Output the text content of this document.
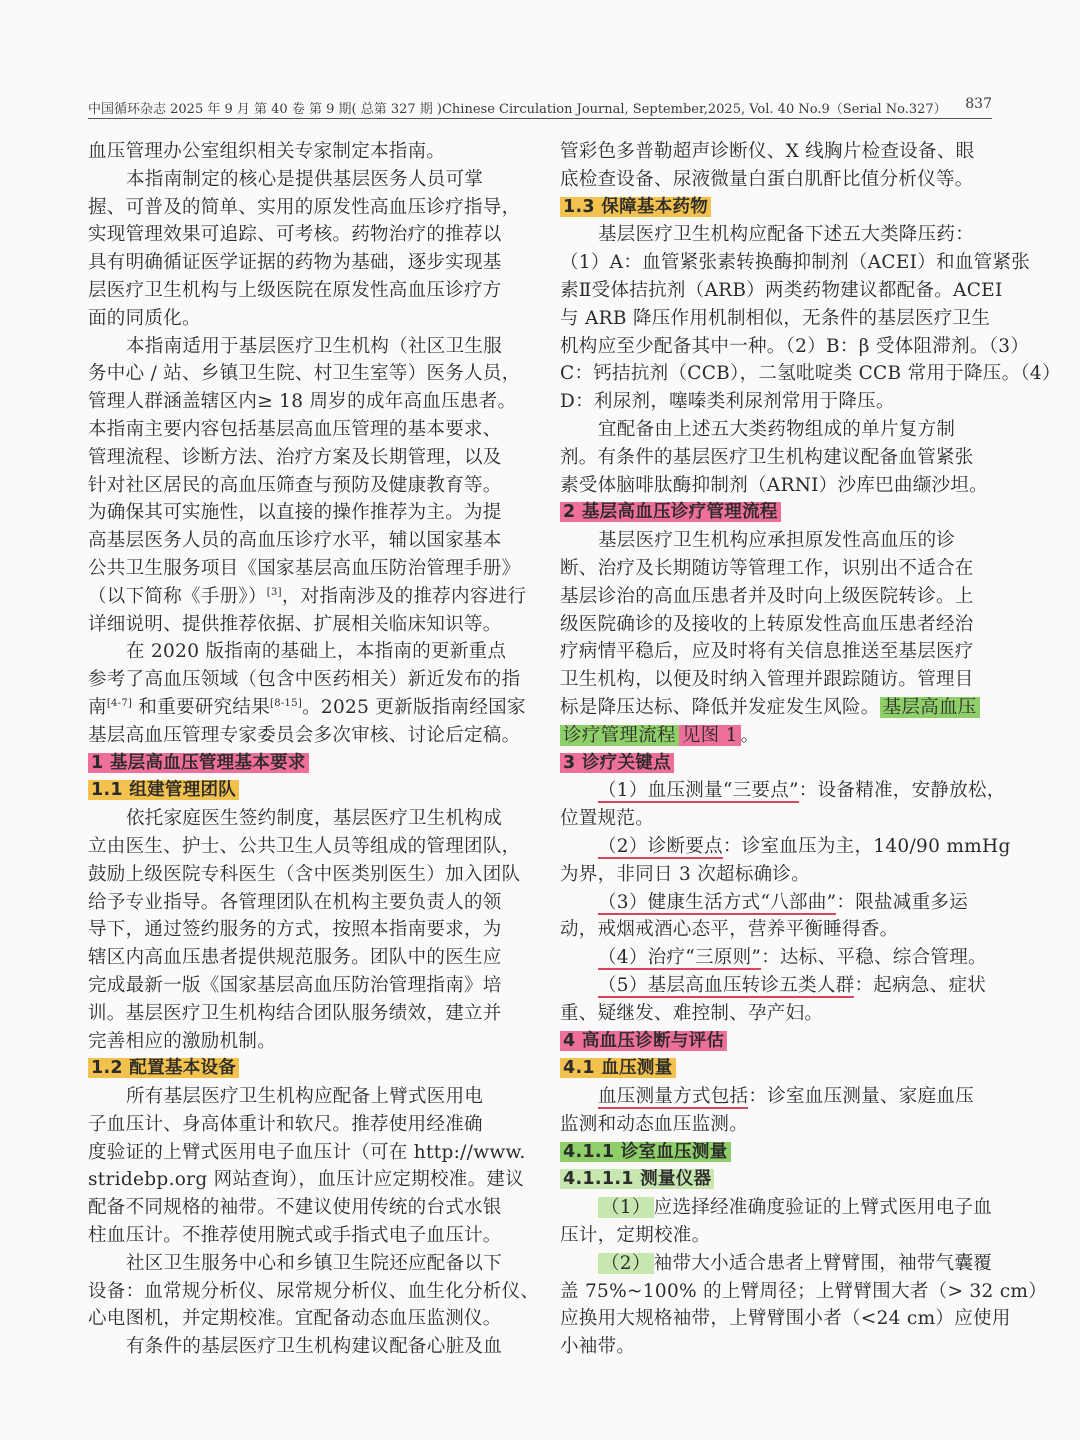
中国循环杂志 2025 年 9 月 第 40 卷 第 9 期( 总第 327 期 )Chinese Circulation Journal, September,2025, Vol. 40 No.9（Serial No.327） 837
血压管理办公室组织相关专家制定本指南。
本指南制定的核心是提供基层医务人员可掌
握、可普及的简单、实用的原发性高血压诊疗指导，
实现管理效果可追踪、可考核。药物治疗的推荐以
具有明确循证医学证据的药物为基础，逐步实现基
层医疗卫生机构与上级医院在原发性高血压诊疗方
面的同质化。
本指南适用于基层医疗卫生机构（社区卫生服
务中心 / 站、乡镇卫生院、村卫生室等）医务人员，
管理人群涵盖辖区内≥ 18 周岁的成年高血压患者。
本指南主要内容包括基层高血压管理的基本要求、
管理流程、诊断方法、治疗方案及长期管理，以及
针对社区居民的高血压筛查与预防及健康教育等。
为确保其可实施性，以直接的操作推荐为主。为提
高基层医务人员的高血压诊疗水平，辅以国家基本
公共卫生服务项目《国家基层高血压防治管理手册》
（以下简称《手册》）[3]，对指南涉及的推荐内容进行
详细说明、提供推荐依据、扩展相关临床知识等。
在 2020 版指南的基础上，本指南的更新重点
参考了高血压领域（包含中医药相关）新近发布的指
南[4-7] 和重要研究结果[8-15]。2025 更新版指南经国家
基层高血压管理专家委员会多次审核、讨论后定稿。
1 基层高血压管理基本要求
1.1 组建管理团队
依托家庭医生签约制度，基层医疗卫生机构成
立由医生、护士、公共卫生人员等组成的管理团队，
鼓励上级医院专科医生（含中医类别医生）加入团队
给予专业指导。各管理团队在机构主要负责人的领
导下，通过签约服务的方式，按照本指南要求，为
辖区内高血压患者提供规范服务。团队中的医生应
完成最新一版《国家基层高血压防治管理指南》培
训。基层医疗卫生机构结合团队服务绩效，建立并
完善相应的激励机制。
1.2 配置基本设备
所有基层医疗卫生机构应配备上臂式医用电
子血压计、身高体重计和软尺。推荐使用经准确
度验证的上臂式医用电子血压计（可在 http://www.
stridebp.org 网站查询），血压计应定期校准。建议
配备不同规格的袖带。不建议使用传统的台式水银
柱血压计。不推荐使用腕式或手指式电子血压计。
社区卫生服务中心和乡镇卫生院还应配备以下
设备：血常规分析仪、尿常规分析仪、血生化分析仪、
心电图机，并定期校准。宜配备动态血压监测仪。
有条件的基层医疗卫生机构建议配备心脏及血
管彩色多普勒超声诊断仪、X 线胸片检查设备、眼
底检查设备、尿液微量白蛋白肌酐比值分析仪等。
1.3 保障基本药物
基层医疗卫生机构应配备下述五大类降压药：
（1）A：血管紧张素转换酶抑制剂（ACEI）和血管紧张
素Ⅱ受体拮抗剂（ARB）两类药物建议都配备。ACEI
与 ARB 降压作用机制相似，无条件的基层医疗卫生
机构应至少配备其中一种。（2）B：β 受体阻滞剂。（3）
C：钙拮抗剂（CCB），二氢吡啶类 CCB 常用于降压。（4）
D：利尿剂，噻嗪类利尿剂常用于降压。
宜配备由上述五大类药物组成的单片复方制
剂。有条件的基层医疗卫生机构建议配备血管紧张
素受体脑啡肽酶抑制剂（ARNI）沙库巴曲缬沙坦。
2 基层高血压诊疗管理流程
基层医疗卫生机构应承担原发性高血压的诊
断、治疗及长期随访等管理工作，识别出不适合在
基层诊治的高血压患者并及时向上级医院转诊。上
级医院确诊的及接收的上转原发性高血压患者经治
疗病情平稳后，应及时将有关信息推送至基层医疗
卫生机构，以便及时纳入管理并跟踪随访。管理目
标是降压达标、降低并发症发生风险。 基层高血压
诊疗管理流程 见图 1 。
3 诊疗关键点
（1）血压测量“三要点”：设备精准，安静放松，
位置规范。
（2）诊断要点：诊室血压为主，140/90 mmHg
为界，非同日 3 次超标确诊。
（3）健康生活方式“八部曲”：限盐减重多运
动，戒烟戒酒心态平，营养平衡睡得香。
（4）治疗“三原则”：达标、平稳、综合管理。
（5）基层高血压转诊五类人群：起病急、症状
重、疑继发、难控制、孕产妇。
4 高血压诊断与评估
4.1 血压测量
血压测量方式包括：诊室血压测量、家庭血压
监测和动态血压监测。
4.1.1 诊室血压测量
4.1.1.1 测量仪器
（1） 应选择经准确度验证的上臂式医用电子血
压计，定期校准。
（2） 袖带大小适合患者上臂臂围，袖带气囊覆
盖 75%~100% 的上臂周径；上臂臂围大者（> 32 cm）
应换用大规格袖带，上臂臂围小者（<24 cm）应使用
小袖带。
